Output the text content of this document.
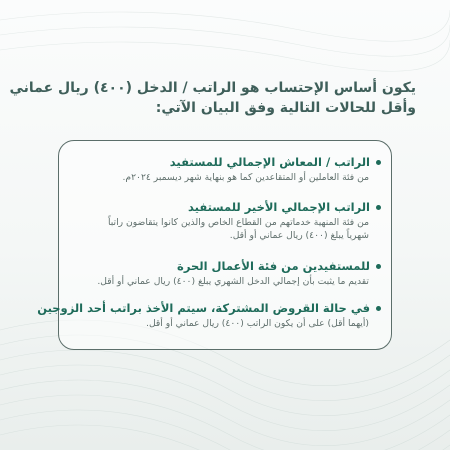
يكون أساس الإحتساب هو الراتب / الدخل (٤٠٠) ريال عماني

وأقل للحالات التالية وفق البيان الآتي:

الراتب / المعاش الإجمالي للمستفيد
من فئة العاملين أو المتقاعدين كما هو بنهاية شهر ديسمبر ٢٠٢٤م.
الراتب الإجمالي الأخير للمستفيد
من فئة المنهية خدماتهم من القطاع الخاص والذين كانوا يتقاضون راتباً
شهرياً يبلغ (٤٠٠) ريال عماني أو أقل.
للمستفيدين من فئة الأعمال الحرة
تقديم ما يثبت بأن إجمالي الدخل الشهري يبلغ (٤٠٠) ريال عماني أو أقل.
في حالة القروض المشتركة، سيتم الأخذ براتب أحد الزوجين
(أيهما أقل) على أن يكون الراتب (٤٠٠) ريال عماني أو أقل.
